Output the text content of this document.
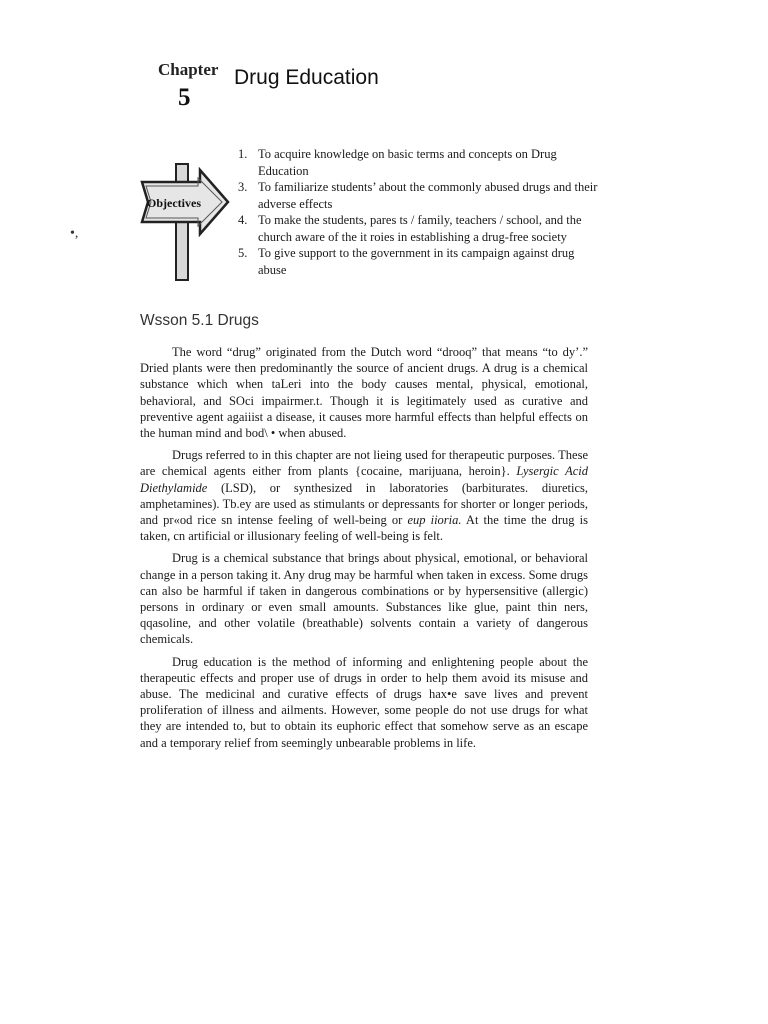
Chapter
5
Drug Education
•,
Objectives
1. To acquire knowledge on basic terms and concepts on Drug Education
3. To familiarize students’ about the commonly abused drugs and their adverse effects
4. To make the students, pares ts / family, teachers / school, and the church aware of the it roies in establishing a drug-free society
5. To give support to the government in its campaign against drug abuse
Wsson 5.1 Drugs

The word “drug” originated from the Dutch word “drooq” that means “to dy’.” Dried plants were then predominantly the source of ancient drugs. A drug is a chemical substance which when taLeri into the body causes mental, physical, emotional, behavioral, and SOci impairmer.t. Though it is legitimately used as curative and preventive agent agaiiist a disease, it causes more harmful effects than helpful effects on the human mind and bod\ • when abused.

Drugs referred to in this chapter are not lieing used for therapeutic purposes. These are chemical agents either from plants {cocaine, marijuana, heroin}. Lysergic Acid Diethylamide (LSD), or synthesized in laboratories (barbiturates. diuretics, amphetamines). Tb.ey are used as stimulants or depressants for shorter or longer periods, and pr«od rice sn intense feeling of well-being or eup iioria. At the time the drug is taken, cn artificial or illusionary feeling of well-being is felt.

Drug is a chemical substance that brings about physical, emotional, or behavioral change in a person taking it. Any drug may be harmful when taken in excess. Some drugs can also be harmful if taken in dangerous combinations or by hypersensitive (allergic) persons in ordinary or even small amounts. Substances like glue, paint thin ners, qqasoline, and other volatile (breathable) solvents contain a variety of dangerous chemicals.

Drug education is the method of informing and enlightening people about the therapeutic effects and proper use of drugs in order to help them avoid its misuse and abuse. The medicinal and curative effects of drugs hax•e save lives and prevent proliferation of illness and ailments. However, some people do not use drugs for what they are intended to, but to obtain its euphoric effect that somehow serve as an escape and a temporary relief from seemingly unbearable problems in life.
